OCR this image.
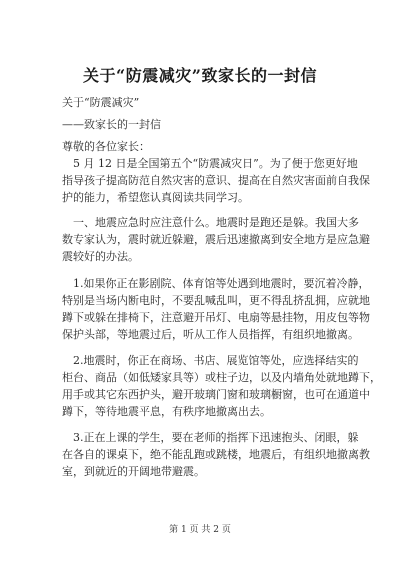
关于“防震减灾”致家长的一封信
关于“防震减灾”
——致家长的一封信
尊敬的各位家长：
5 月 12 日是全国第五个“防震减灾日”。为了便于您更好地
指导孩子提高防范自然灾害的意识、提高在自然灾害面前自我保
护的能力，希望您认真阅读共同学习。
一、地震应急时应注意什么。地震时是跑还是躲。我国大多
数专家认为，震时就近躲避，震后迅速撤离到安全地方是应急避
震较好的办法。
1.如果你正在影剧院、体育馆等处遇到地震时，要沉着冷静，
特别是当场内断电时，不要乱喊乱叫，更不得乱挤乱拥，应就地
蹲下或躲在排椅下，注意避开吊灯、电扇等悬挂物，用皮包等物
保护头部，等地震过后，听从工作人员指挥，有组织地撤离。
2.地震时，你正在商场、书店、展览馆等处，应选择结实的
柜台、商品（如低矮家具等）或柱子边，以及内墙角处就地蹲下，
用手或其它东西护头，避开玻璃门窗和玻璃橱窗，也可在通道中
蹲下，等待地震平息，有秩序地撤离出去。
3.正在上课的学生，要在老师的指挥下迅速抱头、闭眼，躲
在各自的课桌下，绝不能乱跑或跳楼，地震后，有组织地撤离教
室，到就近的开阔地带避震。
第 1 页 共 2 页
